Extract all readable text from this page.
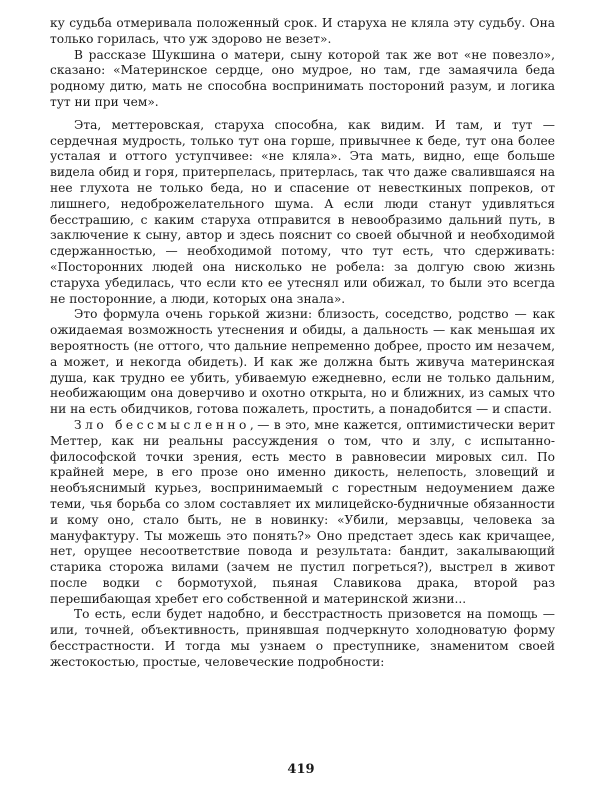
ку судьба отмеривала положенный срок. И старуха не кляла эту судьбу. Она только горилась, что уж здорово не везет».

В рассказе Шукшина о матери, сыну которой так же вот «не повезло», сказано: «Материнское сердце, оно мудрое, но там, где замаячила беда родному дитю, мать не способна воспринимать постороний разум, и логика тут ни при чем».

Эта, меттеровская, старуха способна, как видим. И там, и тут — сердечная мудрость, только тут она горше, привычнее к беде, тут она более усталая и оттого уступчивее: «не кляла». Эта мать, видно, еще больше видела обид и горя, притерпелась, притерлась, так что даже свалившаяся на нее глухота не только беда, но и спасение от невесткиных попреков, от лишнего, недоброжелательного шума. А если люди станут удивляться бесстрашию, с каким старуха отправится в невообразимо дальний путь, в заключение к сыну, автор и здесь пояснит со своей обычной и необходимой сдержанностью, — необходимой потому, что тут есть, что сдерживать: «Посторонних людей она нисколько не робела: за долгую свою жизнь старуха убедилась, что если кто ее утеснял или обижал, то были это всегда не посторонние, а люди, которых она знала».

Это формула очень горькой жизни: близость, соседство, родство — как ожидаемая возможность утеснения и обиды, а дальность — как меньшая их вероятность (не оттого, что дальние непременно добрее, просто им незачем, а может, и некогда обидеть). И как же должна быть живуча материнская душа, как трудно ее убить, убиваемую ежедневно, если не только дальним, необижающим она доверчиво и охотно открыта, но и ближних, из самых что ни на есть обидчиков, готова пожалеть, простить, а понадобится — и спасти.

Зло бессмысленно,— в это, мне кажется, оптимистически верит Меттер, как ни реальны рассуждения о том, что и злу, с испытанно-философской точки зрения, есть место в равновесии мировых сил. По крайней мере, в его прозе оно именно дикость, нелепость, зловещий и необъяснимый курьез, воспринимаемый с горестным недоумением даже теми, чья борьба со злом составляет их милицейско-будничные обязанности и кому оно, стало быть, не в новинку: «Убили, мерзавцы, человека за мануфактуру. Ты можешь это понять?» Оно предстает здесь как кричащее, нет, орущее несоответствие повода и результата: бандит, закалывающий старика сторожа вилами (зачем не пустил погреться?), выстрел в живот после водки с бормотухой, пьяная Славикова драка, второй раз перешибающая хребет его собственной и материнской жизни...

То есть, если будет надобно, и бесстрастность призовется на помощь — или, точней, объективность, принявшая подчеркнуто холодноватую форму бесстрастности. И тогда мы узнаем о преступнике, знаменитом своей жестокостью, простые, человеческие подробности:

419
